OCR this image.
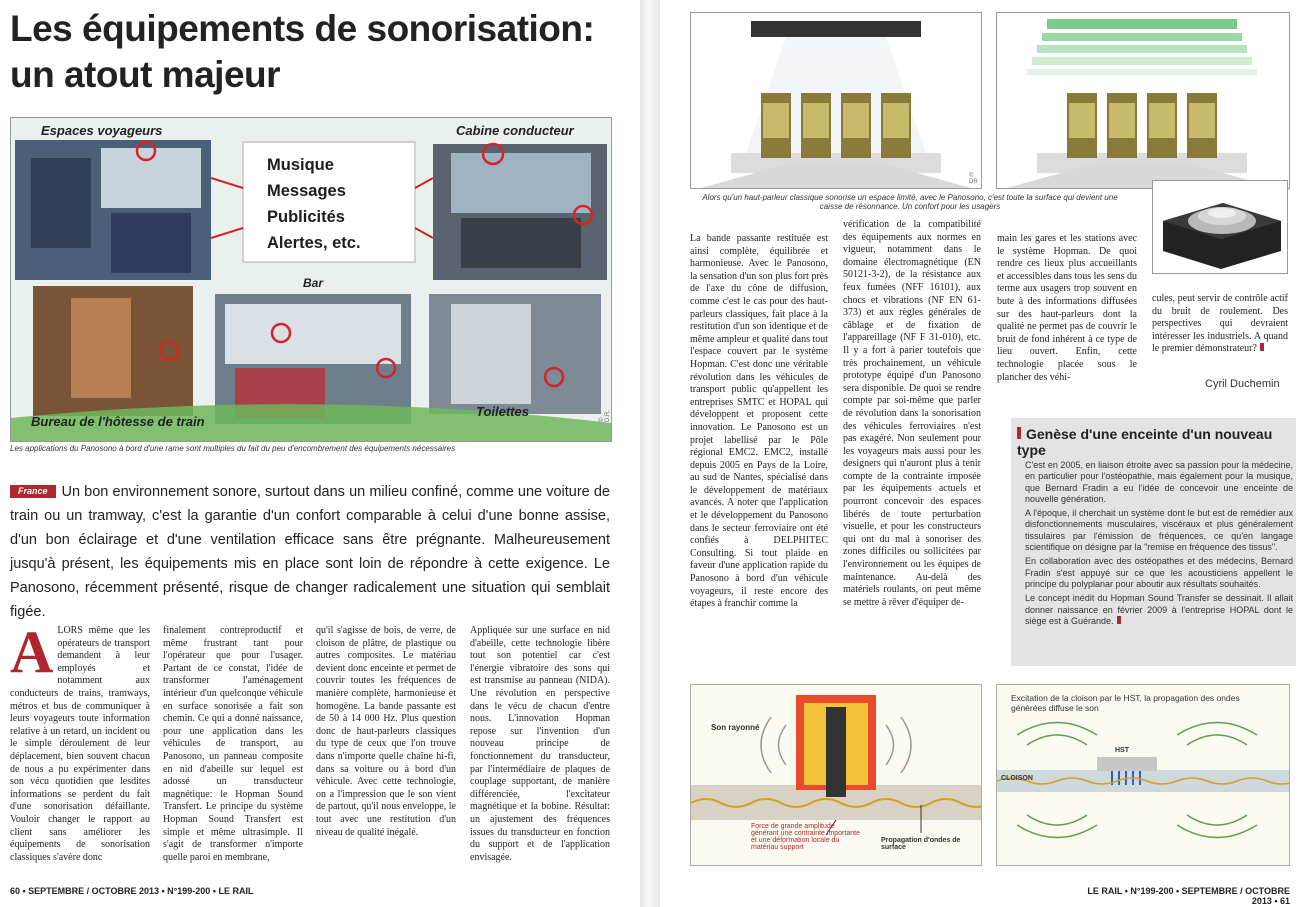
Les équipements de sonorisation:
un atout majeur
Musique
Messages
Publicités
Alertes, etc.
Espaces voyageurs	Cabine conducteur
Bar
Bureau de l'hôtesse de train
Toilettes
© D.R.
Les applications du Panosono à bord d'une rame sont multiples du fait du peu d'encombrement des équipements nécessaires
France Un bon environnement sonore, surtout dans un milieu confiné, comme une voiture de train ou un tramway, c'est la garantie d'un confort comparable à celui d'une bonne assise, d'un bon éclairage et d'une ventilation efficace sans être prégnante. Malheureusement jusqu'à présent, les équipements mis en place sont loin de répondre à cette exigence. Le Panosono, récemment présenté, risque de changer radicalement une situation qui semblait figée.
ALORS même que les opérateurs de transport demandent à leur employés et notamment aux conducteurs de trains, tramways, métros et bus de communiquer à leurs voyageurs toute information relative à un retard, un incident ou le simple déroulement de leur déplacement, bien souvent chacun de nous a pu expérimenter dans son vécu quotidien que lesdites informations se perdent du fait d'une sonorisation défaillante. Vouloir changer le rapport au client sans améliorer les équipements de sonorisation classiques s'avère donc
finalement contreproductif et même frustrant tant pour l'opérateur que pour l'usager. Partant de ce constat, l'idée de transformer l'aménagement intérieur d'un quelconque véhicule en surface sonorisée a fait son chemin. Ce qui a donné naissance, pour une application dans les véhicules de transport, au Panosono, un panneau composite en nid d'abeille sur lequel est adossé un transducteur magnétique: le Hopman Sound Transfert. Le principe du système Hopman Sound Transfert est simple et même ultrasimple. Il s'agit de transformer n'importe quelle paroi en membrane,
qu'il s'agisse de bois, de verre, de cloison de plâtre, de plastique ou autres composites. Le matériau devient donc enceinte et permet de couvrir toutes les fréquences de manière complète, harmonieuse et homogène. La bande passante est de 50 à 14 000 Hz. Plus question donc de haut-parleurs classiques du type de ceux que l'on trouve dans n'importe quelle chaîne hi-fi, dans sa voiture ou à bord d'un véhicule. Avec cette technologie, on a l'impression que le son vient de partout, qu'il nous enveloppe, le tout avec une restitution d'un niveau de qualité inégalé.
Appliquée sur une surface en nid d'abeille, cette technologie libère tout son potentiel car c'est l'énergie vibratoire des sons qui est transmise au panneau (NIDA). Une révolution en perspective dans le vécu de chacun d'entre nous. L'innovation Hopman repose sur l'invention d'un nouveau principe de fonctionnement du transducteur, par l'intermédiaire de plaques de couplage supportant, de manière différenciée, l'excitateur magnétique et la bobine. Résultat: un ajustement des fréquences issues du transducteur en fonction du support et de l'application envisagée.
60 • SEPTEMBRE / OCTOBRE 2013 • N°199-200 • LE RAIL
© DR
Alors qu'un haut-parleur classique sonorise un espace limité, avec le Panosono, c'est toute la surface qui devient une caisse de résonnance. Un confort pour les usagers
La bande passante restituée est ainsi complète, équilibrée et harmonieuse. Avec le Panosono, la sensation d'un son plus fort près de l'axe du cône de diffusion, comme c'est le cas pour des haut-parleurs classiques, fait place à la restitution d'un son identique et de même ampleur et qualité dans tout l'espace couvert par le système Hopman. C'est donc une véritable révolution dans les véhicules de transport public qu'appellent les entreprises SMTC et HOPAL qui développent et proposent cette innovation. Le Panosono est un projet labellisé par le Pôle régional EMC2. EMC2, installé depuis 2005 en Pays de la Loire, au sud de Nantes, spécialisé dans le développement de matériaux avancés. A noter que l'application et le développement du Panosono dans le secteur ferroviaire ont été confiés à DELPHITEC Consulting. Si tout plaide en faveur d'une application rapide du Panosono à bord d'un véhicule voyageurs, il reste encore des étapes à franchir comme la
vérification de la compatibilité des équipements aux normes en vigueur, notamment dans le domaine électromagnétique (EN 50121-3-2), de la résistance aux feux fumées (NFF 16101), aux chocs et vibrations (NF EN 61-373) et aux règles générales de câblage et de fixation de l'appareillage (NF F 31-010), etc. Il y a fort à parier toutefois que très prochainement, un véhicule prototype équipé d'un Panosono sera disponible. De quoi se rendre compte par soi-même que parler de révolution dans la sonorisation des véhicules ferroviaires n'est pas exagéré. Non seulement pour les voyageurs mais aussi pour les designers qui n'auront plus à tenir compte de la contrainte imposée par les équipements actuels et pourront concevoir des espaces libérés de toute perturbation visuelle, et pour les constructeurs qui ont du mal à sonoriser des zones difficiles ou sollicitées par l'environnement ou les équipes de maintenance. Au-delà des matériels roulants, on peut même se mettre à rêver d'équiper de-
main les gares et les stations avec le système Hopman. De quoi rendre ces lieux plus accueillants et accessibles dans tous les sens du terme aux usagers trop souvent en bute à des informations diffusées sur des haut-parleurs dont la qualité ne permet pas de couvrir le bruit de fond inhérent à ce type de lieu ouvert. Enfin, cette technologie placée sous le plancher des véhi-
cules, peut servir de contrôle actif du bruit de roulement. Des perspectives qui devraient intéresser les industriels. A quand le premier démonstrateur?
Cyril Duchemin
Genèse d'une enceinte d'un nouveau type

C'est en 2005, en liaison étroite avec sa passion pour la médecine, en particulier pour l'ostéopathie, mais également pour la musique, que Bernard Fradin a eu l'idée de concevoir une enceinte de nouvelle génération.

A l'époque, il cherchait un système dont le but est de remédier aux disfonctionnements musculaires, viscéraux et plus généralement tissulaires par l'émission de fréquences, ce qu'en langage scientifique on désigne par la "remise en fréquence des tissus".

En collaboration avec des ostéopathes et des médecins, Bernard Fradin s'est appuyé sur ce que les acousticiens appellent le principe du polyplanar pour aboutir aux résultats souhaités.

Le concept inédit du Hopman Sound Transfer se dessinait. Il allait donner naissance en février 2009 à l'entreprise HOPAL dont le siège est à Guérande.

Son rayonné
Force de grande amplitude générant une contrainte importante et une déformation locale du matériau support
Propagation d'ondes de surface
Excitation de la cloison par le HST, la propagation des ondes générées diffuse le son
HST
CLOISON
LE RAIL • N°199-200 • SEPTEMBRE / OCTOBRE 2013 • 61
